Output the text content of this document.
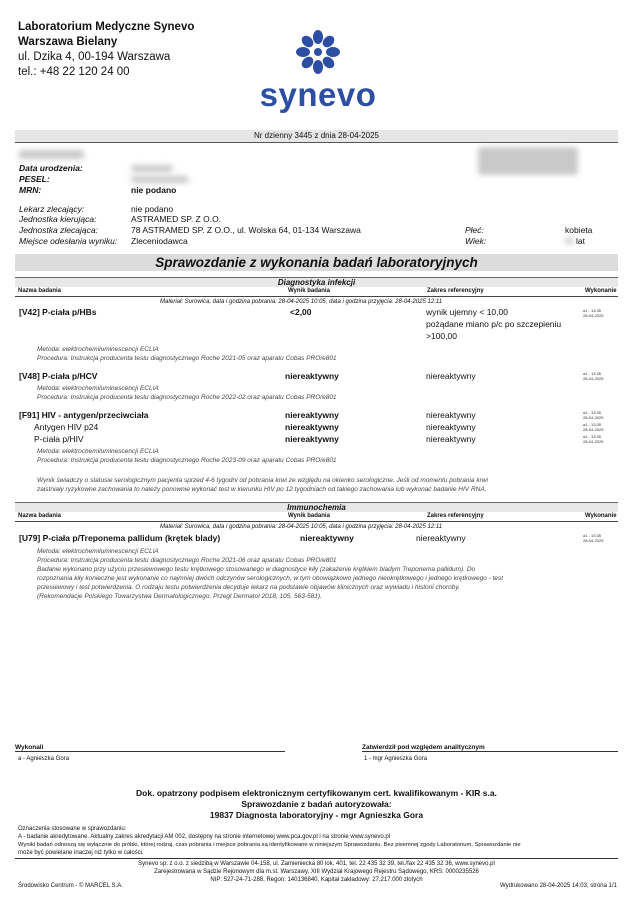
Laboratorium Medyczne Synevo
Warszawa Bielany
ul. Dzika 4, 00-194 Warszawa
tel.: +48 22 120 24 00
synevo
Nr dzienny 3445 z dnia 28-04-2025
Data urodzenia:
PESEL:
MRN:	nie podano
Lekarz zlecający:	nie podano
Jednostka kierująca:	ASTRAMED SP. Z O.O.
Jednostka zlecająca:	78 ASTRAMED SP. Z O.O., ul. Wolska 64, 01-134 Warszawa
Miejsce odesłania wyniku: Zleceniodawca
Płeć:	kobieta
Wiek:	lat
Sprawozdanie z wykonania badań laboratoryjnych
Diagnostyka infekcji
Nazwa badania	Wynik badania	Zakres referencyjny	Wykonanie
Materiał: Surowica, data i godzina pobrania: 28-04-2025 10:05, data i godzina przyjęcia: 28-04-2025 12:11
[V42] P-ciała p/HBs	<2,00	wynik ujemny < 10,00
pożądane miano p/c po szczepieniu
>100,00
a1 - 13:35
28-04-2025
Metoda: elektrochemiluminescencji ECLIA
Procedura: Instrukcja producenta testu diagnostycznego Roche 2021-05 oraz aparatu Cobas PRO/e801
[V48] P-ciała p/HCV	niereaktywny	niereaktywny	a1 - 13:35
28-04-2025
Metoda: elektrochemiluminescencji ECLIA
Procedura: Instrukcja producenta testu diagnostycznego Roche 2022-02 oraz aparatu Cobas PRO/e801
[F91] HIV - antygen/przeciwciała	niereaktywny	niereaktywny	a1 - 13:35
28-04-2025
Antygen HIV p24	niereaktywny	niereaktywny	a1 - 13:35
28-04-2025
P-ciała p/HIV	niereaktywny	niereaktywny	a1 - 13:35
28-04-2025
Metoda: elektrochemiluminescencji ECLIA
Procedura: Instrukcja producenta testu diagnostycznego Roche 2023-09 oraz aparatu Cobas PRO/e801
Wynik świadczy o statusie serologicznym pacjenta sprzed 4-6 tygodni od pobrania krwi ze względu na okienko serologiczne. Jeśli od momentu pobrania krwi
zaistniały ryzykowne zachowania to należy ponownie wykonać test w kierunku HIV po 12 tygodniach od takiego zachowania lub wykonać badanie HIV RNA.
Immunochemia
Nazwa badania	Wynik badania	Zakres referencyjny	Wykonanie
Materiał: Surowica, data i godzina pobrania: 28-04-2025 10:05, data i godzina przyjęcia: 28-04-2025 12:11
[U79] P-ciała p/Treponema pallidum (krętek blady)	niereaktywny	niereaktywny	a1 - 13:35
28-04-2025
Metoda: elektrochemiluminescencji ECLIA
Procedura: Instrukcja producenta testu diagnostycznego Roche 2021-06 oraz aparatu Cobas PRO/e801
Badanie wykonano przy użyciu przesiewowego testu krętkowego stosowanego w diagnostyce kiły (zakażenie krętkiem bladym Treponema pallidum). Do
rozpoznania kiły konieczne jest wykonanie co najmniej dwóch odczynów serologicznych, w tym obowiązkowo jednego nieokrętkowego i jednego krętkowego - test
przesiewowy i test potwierdzenia. O rodzaju testu potwierdzenia decyduje lekarz na podstawie objawów klinicznych oraz wywiadu i historii choroby.
(Rekomendacje Polskiego Towarzystwa Dermatologicznego. Przegl Dermatol 2018, 105, 563-581).
Wykonali
a - Agnieszka Gora
Zatwierdził pod względem analitycznym
1 - mgr Agnieszka Gora
Dok. opatrzony podpisem elektronicznym certyfikowanym cert. kwalifikowanym - KIR s.a.
Sprawozdanie z badań autoryzowała:
19837 Diagnosta laboratoryjny - mgr Agnieszka Gora
Oznaczenia stosowane w sprawozdaniu:
A - badanie akredytowane. Aktualny zakres akredytacji AM 002, dostępny na stronie internetowej www.pca.gov.pl i na stronie www.synevo.pl
Wyniki badań odnoszą się wyłącznie do próbki, której rodzaj, czas pobrania i miejsce pobrania są identyfikowane w niniejszym Sprawozdaniu. Bez pisemnej zgody Laboratorium, Sprawozdanie nie
może być powielane inaczej niż tylko w całości.
Synevo sp. z o.o. z siedzibą w Warszawie 04-158, ul. Zamieniecka 80 lok. 401, tel. 22 435 32 39, tel./fax 22 435 32 36, www.synevo.pl
Zarejestrowana w Sądzie Rejonowym dla m.st. Warszawy, XIII Wydział Krajowego Rejestru Sądowego, KRS: 0000235526
NIP: 527-24-71-288, Regon: 140136840, Kapitał zakładowy: 27.217.000 złotych
Środowisko Centrum - © MARCEL S.A.	Wydrukowano 28-04-2025 14:03, strona 1/1
